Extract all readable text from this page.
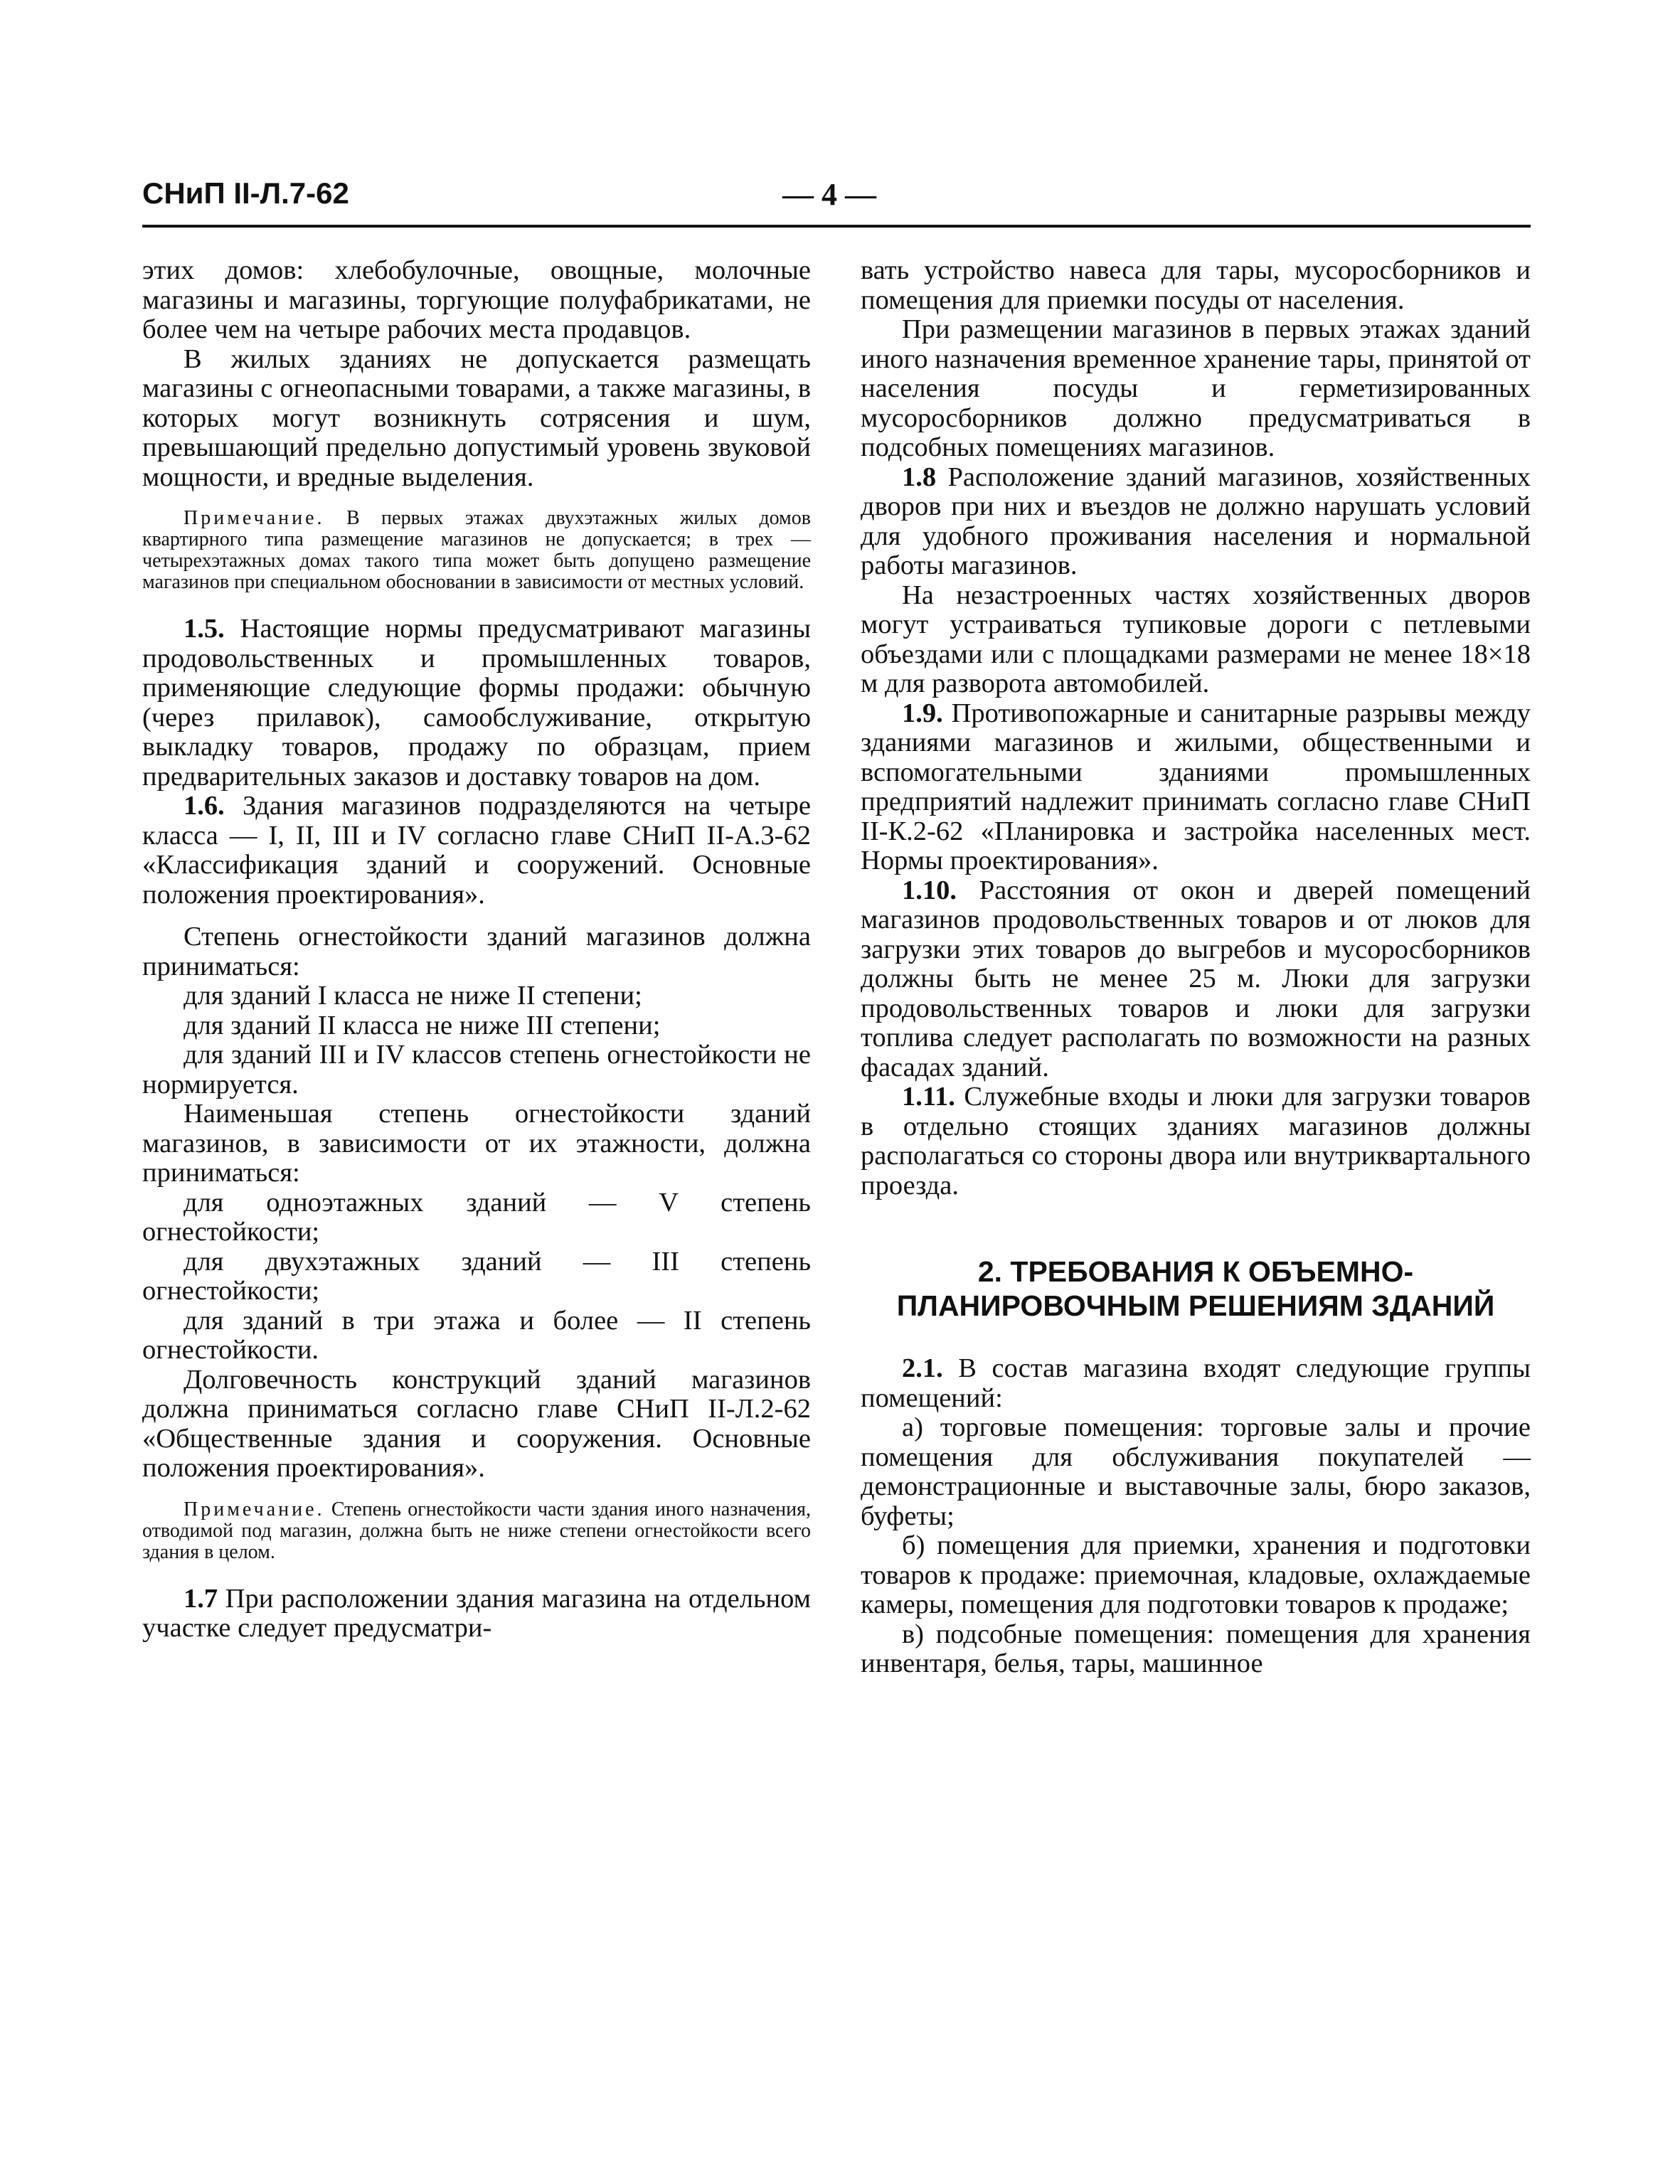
СНиП II-Л.7-62	— 4 —

этих домов: хлебобулочные, овощные, молочные магазины и магазины, торгующие полуфабрикатами, не более чем на четыре рабочих места продавцов.

В жилых зданиях не допускается размещать магазины с огнеопасными товарами, а также магазины, в которых могут возникнуть сотрясения и шум, превышающий предельно допустимый уровень звуковой мощности, и вредные выделения.

Примечание. В первых этажах двухэтажных жилых домов квартирного типа размещение магазинов не допускается; в трех — четырехэтажных домах такого типа может быть допущено размещение магазинов при специальном обосновании в зависимости от местных условий.

1.5. Настоящие нормы предусматривают магазины продовольственных и промышленных товаров, применяющие следующие формы продажи: обычную (через прилавок), самообслуживание, открытую выкладку товаров, продажу по образцам, прием предварительных заказов и доставку товаров на дом.

1.6. Здания магазинов подразделяются на четыре класса — I, II, III и IV согласно главе СНиП II-А.3-62 «Классификация зданий и сооружений. Основные положения проектирования».

Степень огнестойкости зданий магазинов должна приниматься:

для зданий I класса не ниже II степени;

для зданий II класса не ниже III степени;

для зданий III и IV классов степень огнестойкости не нормируется.

Наименьшая степень огнестойкости зданий магазинов, в зависимости от их этажности, должна приниматься:

для одноэтажных зданий — V степень огнестойкости;

для двухэтажных зданий — III степень огнестойкости;

для зданий в три этажа и более — II степень огнестойкости.

Долговечность конструкций зданий магазинов должна приниматься согласно главе СНиП II-Л.2-62 «Общественные здания и сооружения. Основные положения проектирования».

Примечание. Степень огнестойкости части здания иного назначения, отводимой под магазин, должна быть не ниже степени огнестойкости всего здания в целом.

1.7 При расположении здания магазина на отдельном участке следует предусматри-

вать устройство навеса для тары, мусоросборников и помещения для приемки посуды от населения.

При размещении магазинов в первых этажах зданий иного назначения временное хранение тары, принятой от населения посуды и герметизированных мусоросборников должно предусматриваться в подсобных помещениях магазинов.

1.8 Расположение зданий магазинов, хозяйственных дворов при них и въездов не должно нарушать условий для удобного проживания населения и нормальной работы магазинов.

На незастроенных частях хозяйственных дворов могут устраиваться тупиковые дороги с петлевыми объездами или с площадками размерами не менее 18×18 м для разворота автомобилей.

1.9. Противопожарные и санитарные разрывы между зданиями магазинов и жилыми, общественными и вспомогательными зданиями промышленных предприятий надлежит принимать согласно главе СНиП II-К.2-62 «Планировка и застройка населенных мест. Нормы проектирования».

1.10. Расстояния от окон и дверей помещений магазинов продовольственных товаров и от люков для загрузки этих товаров до выгребов и мусоросборников должны быть не менее 25 м. Люки для загрузки продовольственных товаров и люки для загрузки топлива следует располагать по возможности на разных фасадах зданий.

1.11. Служебные входы и люки для загрузки товаров в отдельно стоящих зданиях магазинов должны располагаться со стороны двора или внутриквартального проезда.

2. ТРЕБОВАНИЯ К ОБЪЕМНО-ПЛАНИРОВОЧНЫМ РЕШЕНИЯМ ЗДАНИЙ

2.1. В состав магазина входят следующие группы помещений:

а) торговые помещения: торговые залы и прочие помещения для обслуживания покупателей — демонстрационные и выставочные залы, бюро заказов, буфеты;

б) помещения для приемки, хранения и подготовки товаров к продаже: приемочная, кладовые, охлаждаемые камеры, помещения для подготовки товаров к продаже;

в) подсобные помещения: помещения для хранения инвентаря, белья, тары, машинное
